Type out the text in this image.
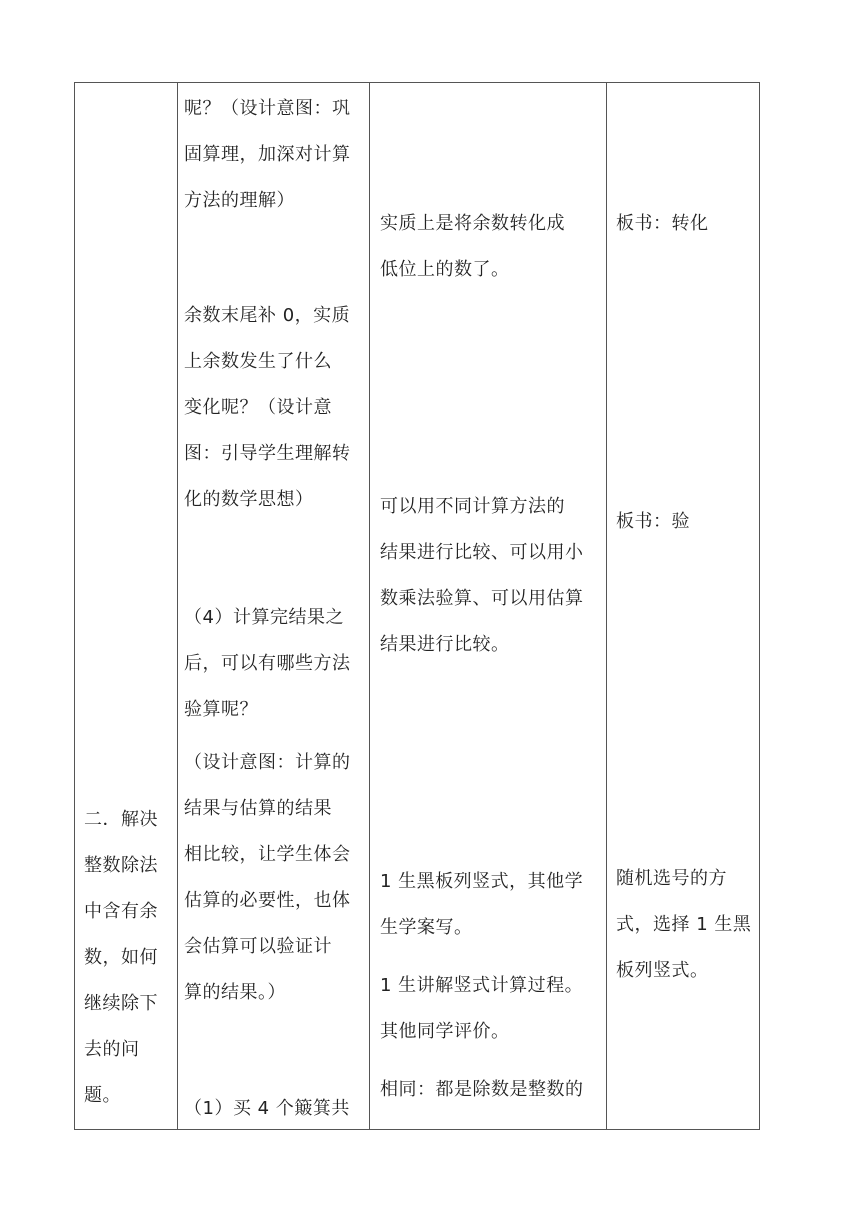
二．解决
整数除法
中含有余
数，如何
继续除下
去的问
题。
呢？（设计意图：巩
固算理，加深对计算
方法的理解）
余数末尾补 0，实质
上余数发生了什么
变化呢？（设计意
图：引导学生理解转
化的数学思想）
（4）计算完结果之
后，可以有哪些方法
验算呢？
（设计意图：计算的
结果与估算的结果
相比较，让学生体会
估算的必要性，也体
会估算可以验证计
算的结果。）
（1）买 4 个簸箕共
实质上是将余数转化成
低位上的数了。
可以用不同计算方法的
结果进行比较、可以用小
数乘法验算、可以用估算
结果进行比较。
1 生黑板列竖式，其他学
生学案写。
1 生讲解竖式计算过程。
其他同学评价。
相同：都是除数是整数的
板书：转化
板书：验
随机选号的方
式，选择 1 生黑
板列竖式。
